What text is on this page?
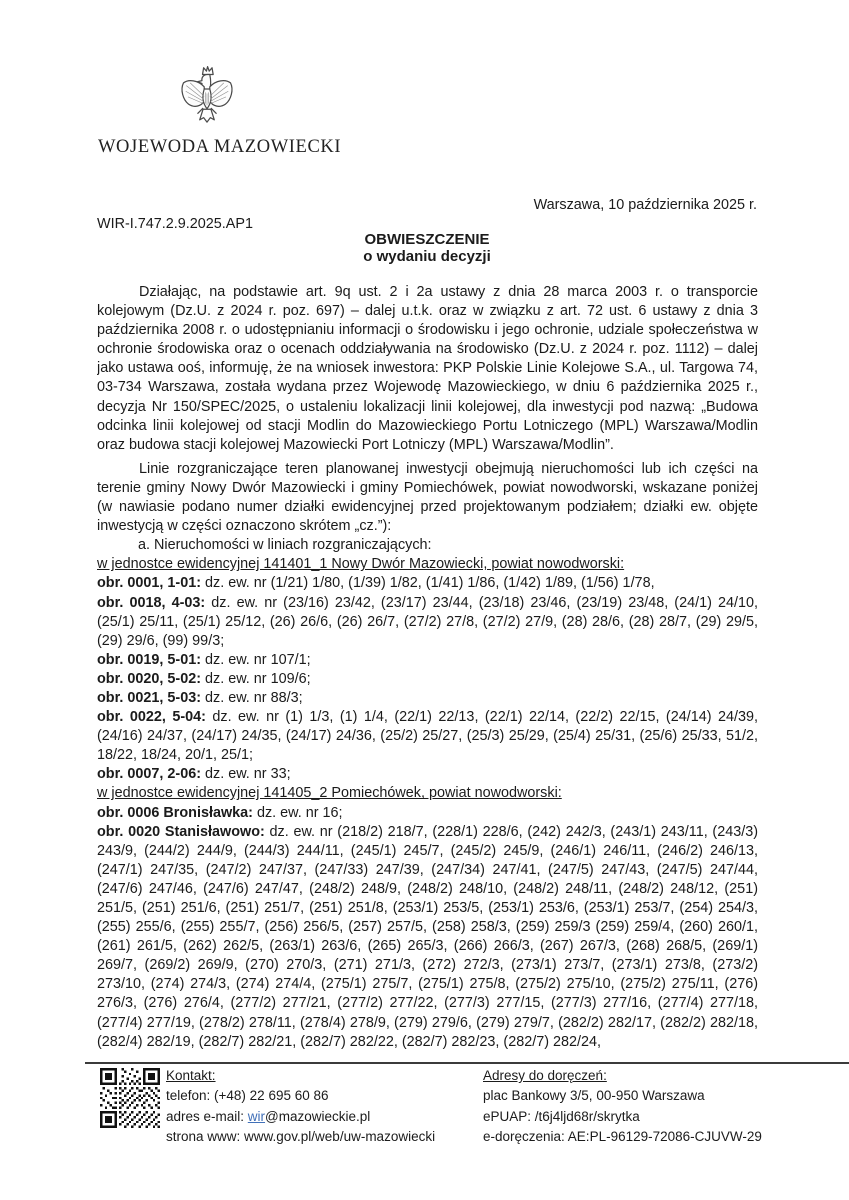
WOJEWODA MAZOWIECKI
Warszawa, 10 października 2025 r.
WIR-I.747.2.9.2025.AP1
OBWIESZCZENIE
o wydaniu decyzji

Działając, na podstawie art. 9q ust. 2 i 2a ustawy z dnia 28 marca 2003 r. o transporcie kolejowym (Dz.U. z 2024 r. poz. 697) – dalej u.t.k. oraz w związku z art. 72 ust. 6 ustawy z dnia 3 października 2008 r. o udostępnianiu informacji o środowisku i jego ochronie, udziale społeczeństwa w ochronie środowiska oraz o ocenach oddziaływania na środowisko (Dz.U. z 2024 r. poz. 1112) – dalej jako ustawa ooś, informuję, że na wniosek inwestora: PKP Polskie Linie Kolejowe S.A., ul. Targowa 74, 03-734 Warszawa, została wydana przez Wojewodę Mazowieckiego, w dniu 6 października 2025 r., decyzja Nr 150/SPEC/2025, o ustaleniu lokalizacji linii kolejowej, dla inwestycji pod nazwą: „Budowa odcinka linii kolejowej od stacji Modlin do Mazowieckiego Portu Lotniczego (MPL) Warszawa/Modlin oraz budowa stacji kolejowej Mazowiecki Port Lotniczy (MPL) Warszawa/Modlin”.

Linie rozgraniczające teren planowanej inwestycji obejmują nieruchomości lub ich części na terenie gminy Nowy Dwór Mazowiecki i gminy Pomiechówek, powiat nowodworski, wskazane poniżej (w nawiasie podano numer działki ewidencyjnej przed projektowanym podziałem; działki ew. objęte inwestycją w części oznaczono skrótem „cz.”):

a. Nieruchomości w liniach rozgraniczających:

w jednostce ewidencyjnej 141401_1 Nowy Dwór Mazowiecki, powiat nowodworski:

obr. 0001, 1-01: dz. ew. nr (1/21) 1/80, (1/39) 1/82, (1/41) 1/86, (1/42) 1/89, (1/56) 1/78,

obr. 0018, 4-03: dz. ew. nr (23/16) 23/42, (23/17) 23/44, (23/18) 23/46, (23/19) 23/48, (24/1) 24/10, (25/1) 25/11, (25/1) 25/12, (26) 26/6, (26) 26/7, (27/2) 27/8, (27/2) 27/9, (28) 28/6, (28) 28/7, (29) 29/5, (29) 29/6, (99) 99/3;

obr. 0019, 5-01: dz. ew. nr 107/1;

obr. 0020, 5-02: dz. ew. nr 109/6;

obr. 0021, 5-03: dz. ew. nr 88/3;

obr. 0022, 5-04: dz. ew. nr (1) 1/3, (1) 1/4, (22/1) 22/13, (22/1) 22/14, (22/2) 22/15, (24/14) 24/39, (24/16) 24/37, (24/17) 24/35, (24/17) 24/36, (25/2) 25/27, (25/3) 25/29, (25/4) 25/31, (25/6) 25/33, 51/2, 18/22, 18/24, 20/1, 25/1;

obr. 0007, 2-06: dz. ew. nr 33;

w jednostce ewidencyjnej 141405_2 Pomiechówek, powiat nowodworski:

obr. 0006 Bronisławka: dz. ew. nr 16;

obr. 0020 Stanisławowo: dz. ew. nr (218/2) 218/7, (228/1) 228/6, (242) 242/3, (243/1) 243/11, (243/3) 243/9, (244/2) 244/9, (244/3) 244/11, (245/1) 245/7, (245/2) 245/9, (246/1) 246/11, (246/2) 246/13, (247/1) 247/35, (247/2) 247/37, (247/33) 247/39, (247/34) 247/41, (247/5) 247/43, (247/5) 247/44, (247/6) 247/46, (247/6) 247/47, (248/2) 248/9, (248/2) 248/10, (248/2) 248/11, (248/2) 248/12, (251) 251/5, (251) 251/6, (251) 251/7, (251) 251/8, (253/1) 253/5, (253/1) 253/6, (253/1) 253/7, (254) 254/3, (255) 255/6, (255) 255/7, (256) 256/5, (257) 257/5, (258) 258/3, (259) 259/3 (259) 259/4, (260) 260/1, (261) 261/5, (262) 262/5, (263/1) 263/6, (265) 265/3, (266) 266/3, (267) 267/3, (268) 268/5, (269/1) 269/7, (269/2) 269/9, (270) 270/3, (271) 271/3, (272) 272/3, (273/1) 273/7, (273/1) 273/8, (273/2) 273/10, (274) 274/3, (274) 274/4, (275/1) 275/7, (275/1) 275/8, (275/2) 275/10, (275/2) 275/11, (276) 276/3, (276) 276/4, (277/2) 277/21, (277/2) 277/22, (277/3) 277/15, (277/3) 277/16, (277/4) 277/18, (277/4) 277/19, (278/2) 278/11, (278/4) 278/9, (279) 279/6, (279) 279/7, (282/2) 282/17, (282/2) 282/18, (282/4) 282/19, (282/7) 282/21, (282/7) 282/22, (282/7) 282/23, (282/7) 282/24,

Kontakt:
telefon: (+48) 22 695 60 86
adres e-mail: wir@mazowieckie.pl
strona www: www.gov.pl/web/uw-mazowiecki
Adresy do doręczeń:
plac Bankowy 3/5, 00-950 Warszawa
ePUAP: /t6j4ljd68r/skrytka
e-doręczenia: AE:PL-96129-72086-CJUVW-29
